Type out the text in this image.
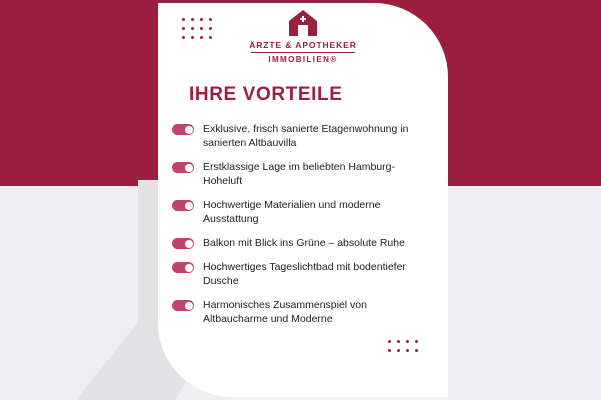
ÄRZTE & APOTHEKER
IMMOBILIEN®
IHRE VORTEILE
Exklusive, frisch sanierte Etagenwohnung in sanierten Altbauvilla
Erstklassige Lage im beliebten Hamburg-Hoheluft
Hochwertige Materialien und moderne Ausstattung
Balkon mit Blick ins Grüne – absolute Ruhe
Hochwertiges Tageslichtbad mit bodentiefer Dusche
Harmonisches Zusammenspiel von Altbaucharme und Moderne
